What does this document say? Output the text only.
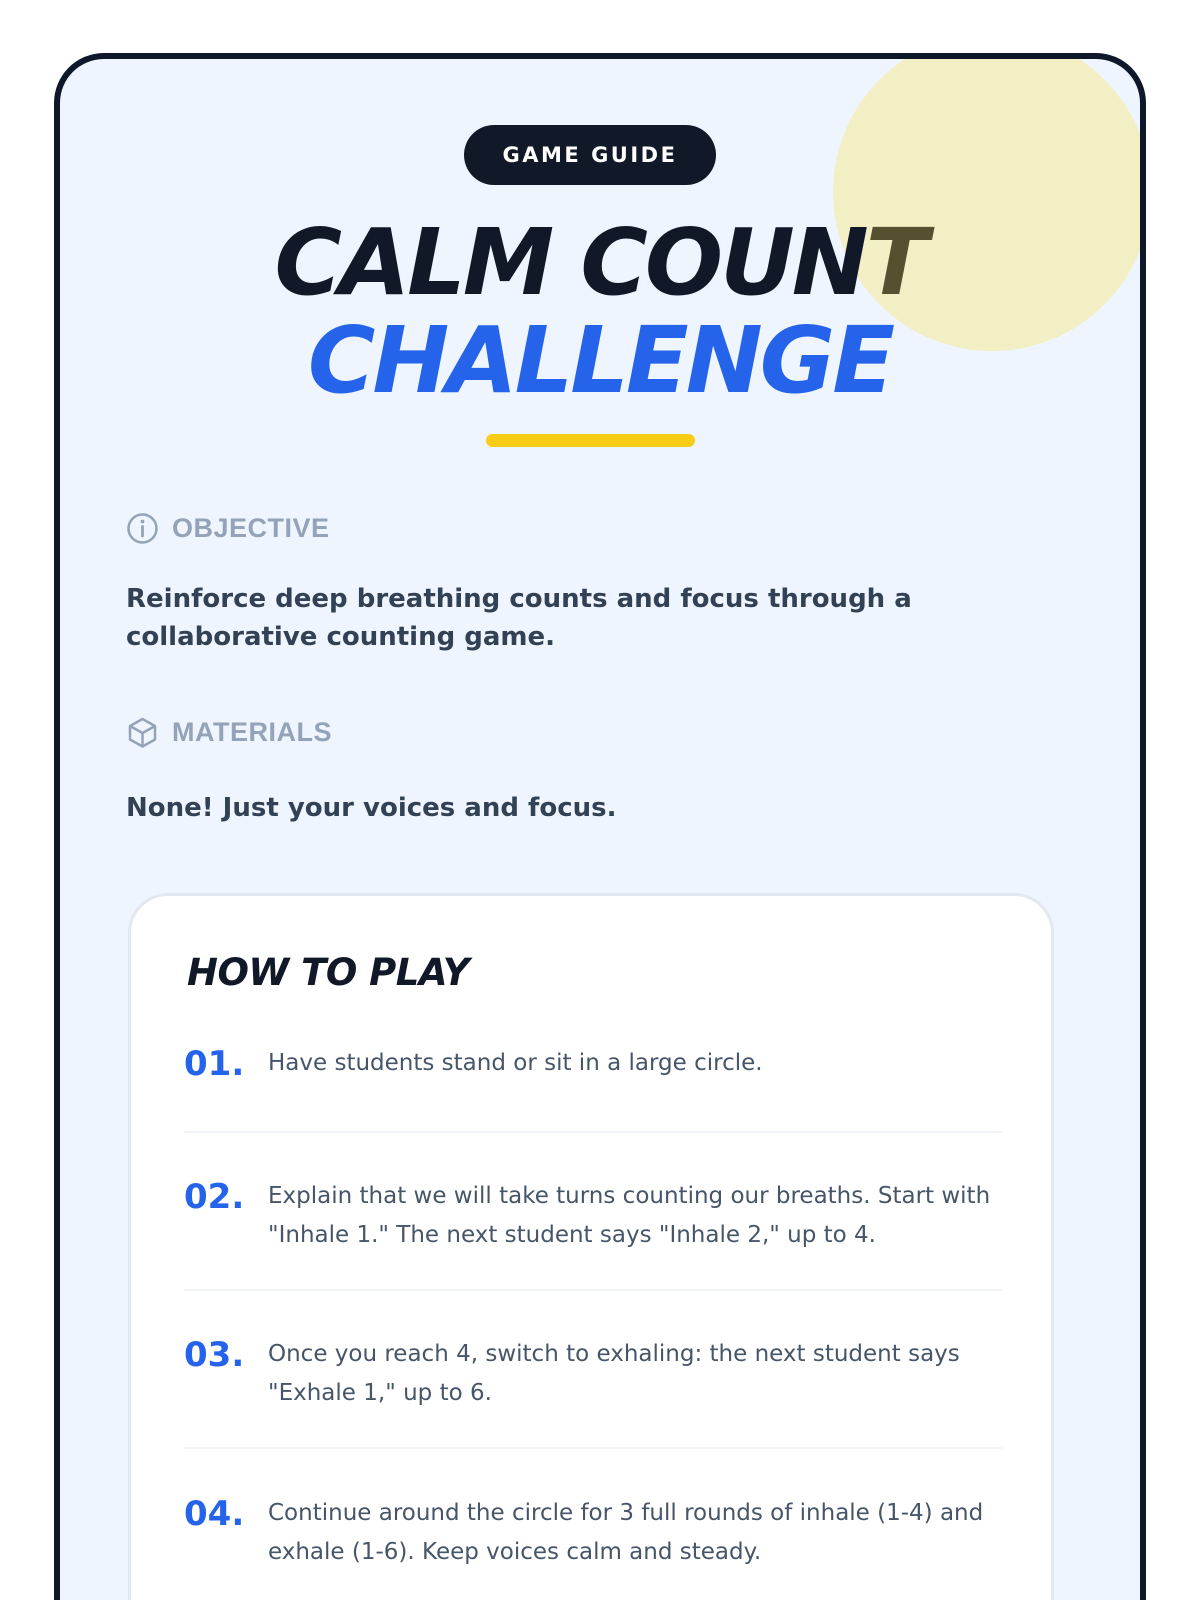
GAME GUIDE
CALM COUNT
CHALLENGE
OBJECTIVE
Reinforce deep breathing counts and focus through a collaborative counting game.
MATERIALS
None! Just your voices and focus.
HOW TO PLAY
01. Have students stand or sit in a large circle.
02. Explain that we will take turns counting our breaths. Start with "Inhale 1." The next student says "Inhale 2," up to 4.
03. Once you reach 4, switch to exhaling: the next student says "Exhale 1," up to 6.
04. Continue around the circle for 3 full rounds of inhale (1-4) and exhale (1-6). Keep voices calm and steady.
